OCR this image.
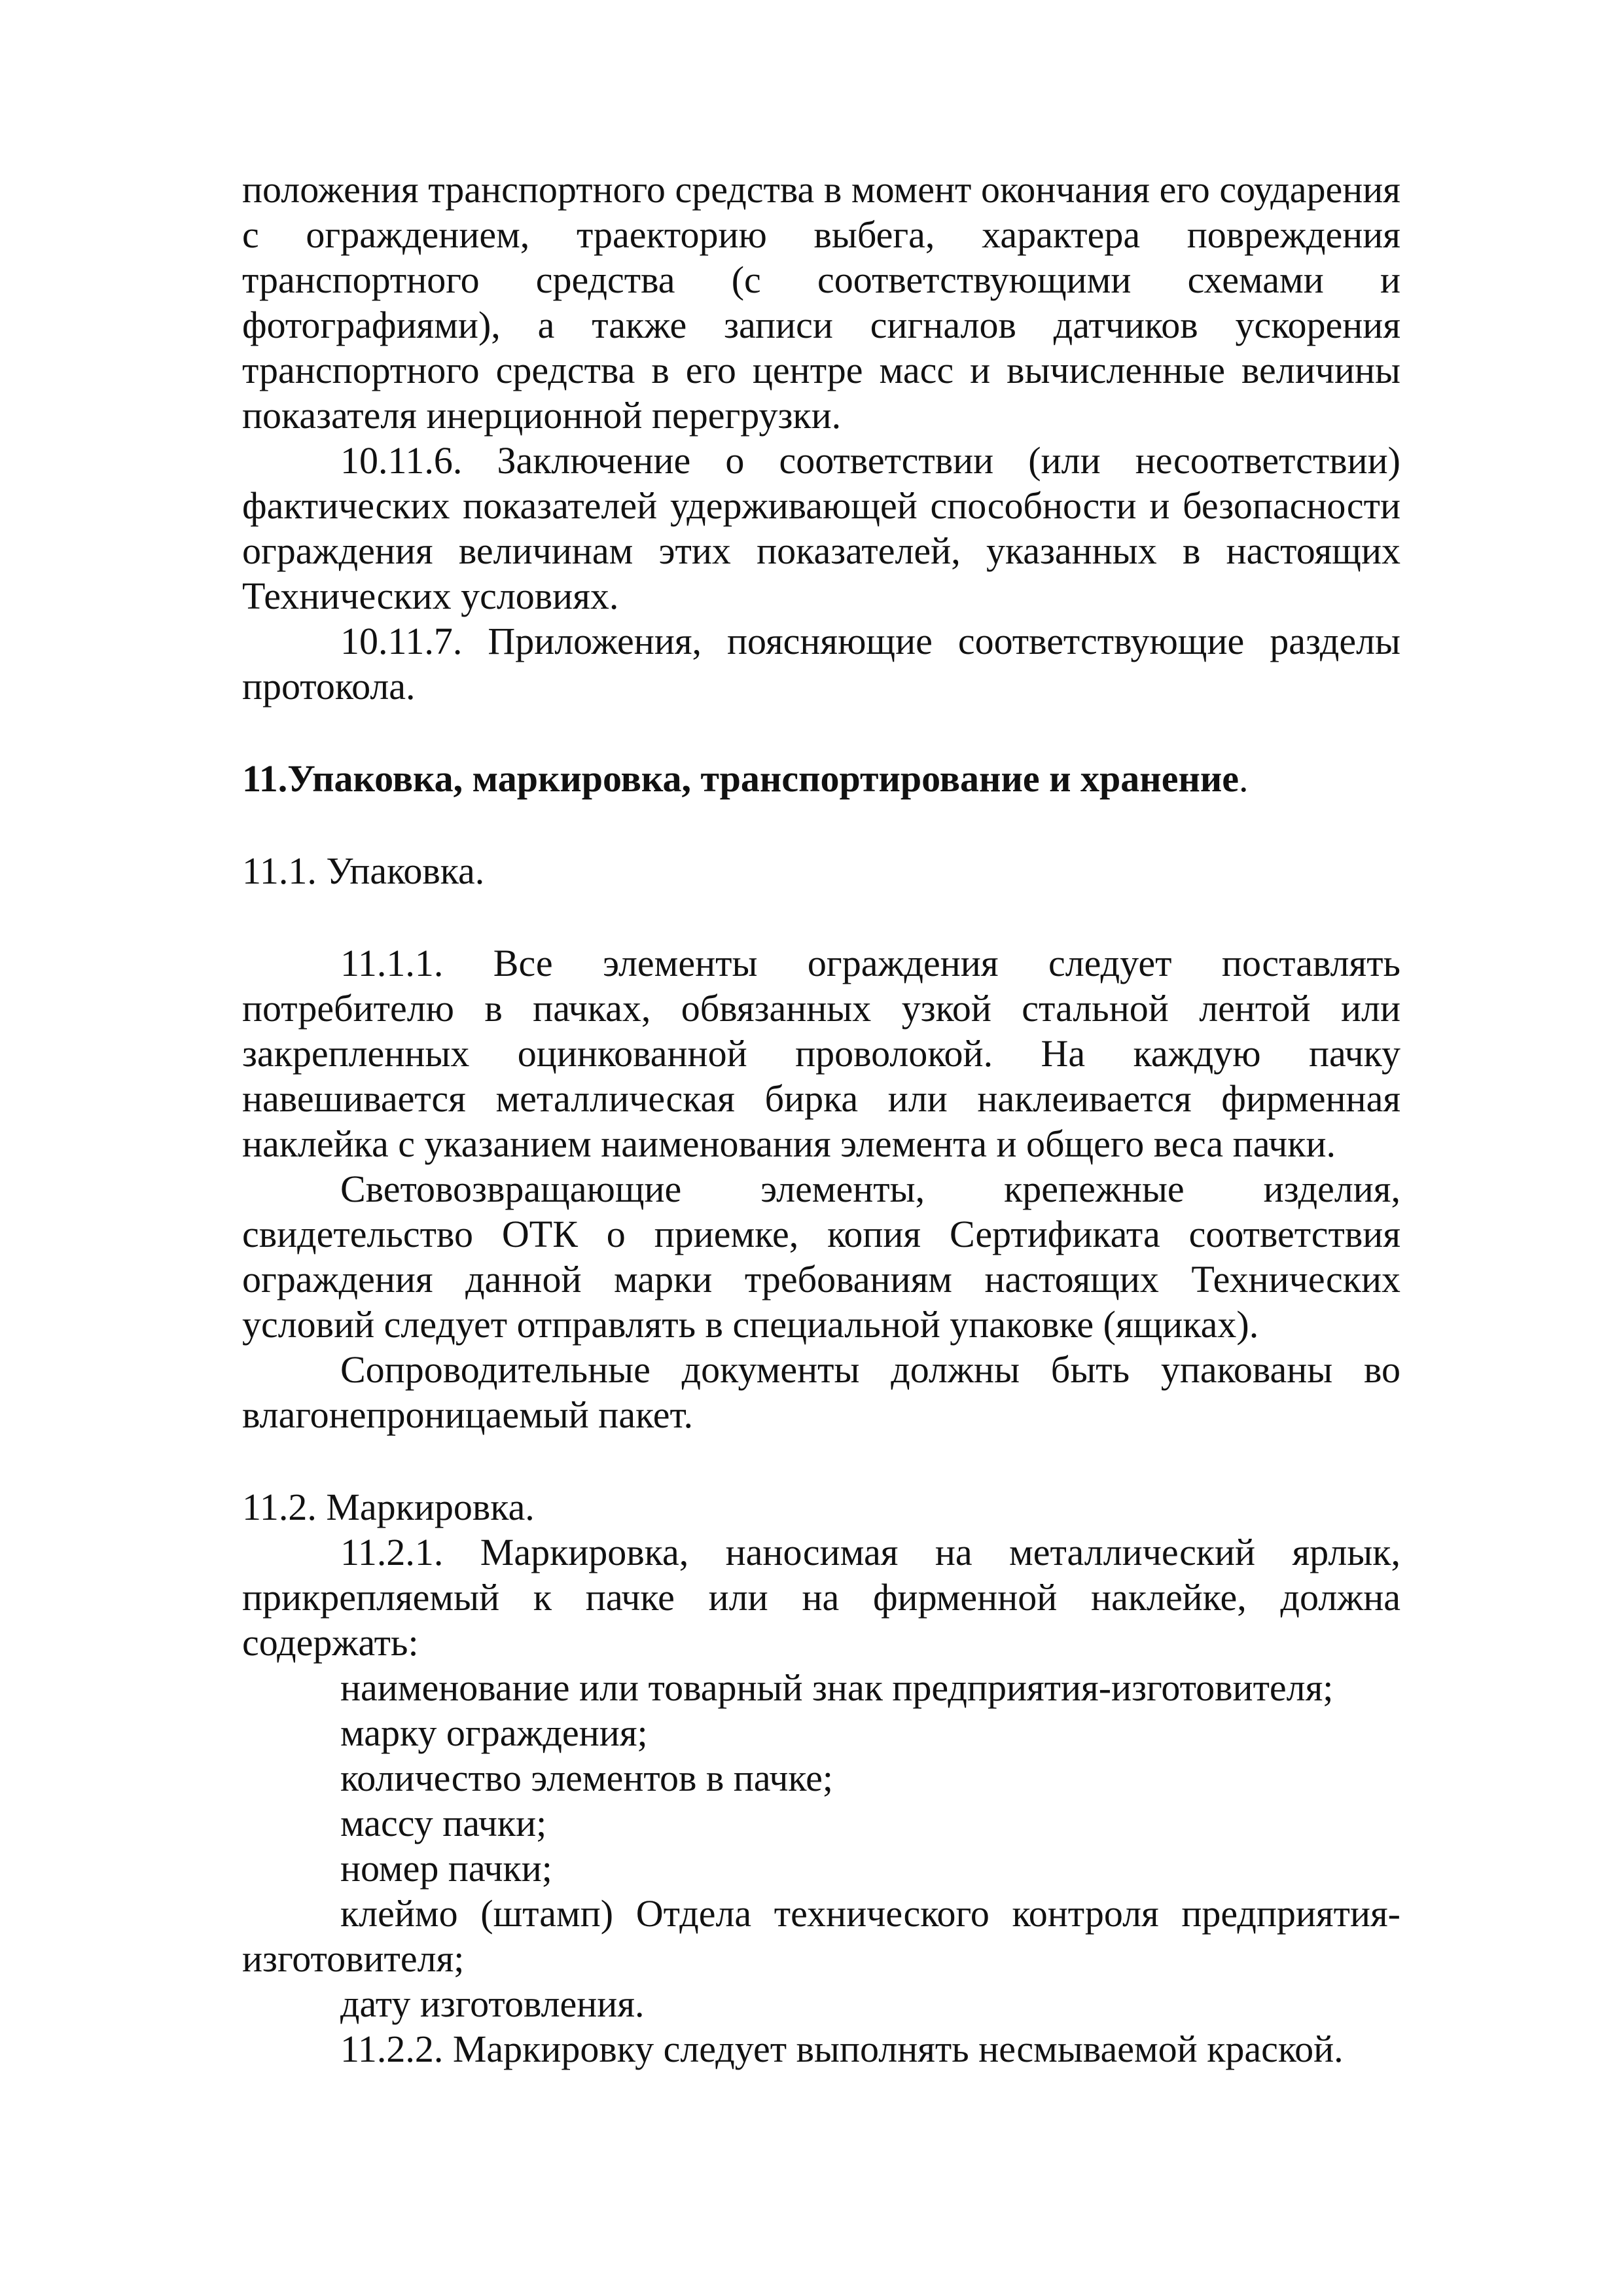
положения транспортного средства в момент окончания его соударения с ограждением, траекторию выбега, характера повреждения транспортного средства (с соответствующими схемами и фотографиями), а также записи сигналов датчиков ускорения транспортного средства в его центре масс и вычисленные величины показателя инерционной перегрузки.

10.11.6. Заключение о соответствии (или несоответствии) фактических показателей удерживающей способности и безопасности ограждения величинам этих показателей, указанных в настоящих Технических условиях.

10.11.7. Приложения, поясняющие соответствующие разделы протокола.

11.Упаковка, маркировка, транспортирование и хранение.

11.1. Упаковка.

11.1.1. Все элементы ограждения следует поставлять потребителю в пачках, обвязанных узкой стальной лентой или закрепленных оцинкованной проволокой. На каждую пачку навешивается металлическая бирка или наклеивается фирменная наклейка с указанием наименования элемента и общего веса пачки.

Световозвращающие элементы, крепежные изделия, свидетельство ОТК о приемке, копия Сертификата соответствия ограждения данной марки требованиям настоящих Технических условий следует отправлять в специальной упаковке (ящиках).

Сопроводительные документы должны быть упакованы во влагонепроницаемый пакет.

11.2. Маркировка.

11.2.1. Маркировка, наносимая на металлический ярлык, прикрепляемый к пачке или на фирменной наклейке, должна содержать:

наименование или товарный знак предприятия-изготовителя;

марку ограждения;

количество элементов в пачке;

массу пачки;

номер пачки;

клеймо (штамп) Отдела технического контроля предприятия-изготовителя;

дату изготовления.

11.2.2. Маркировку следует выполнять несмываемой краской.
